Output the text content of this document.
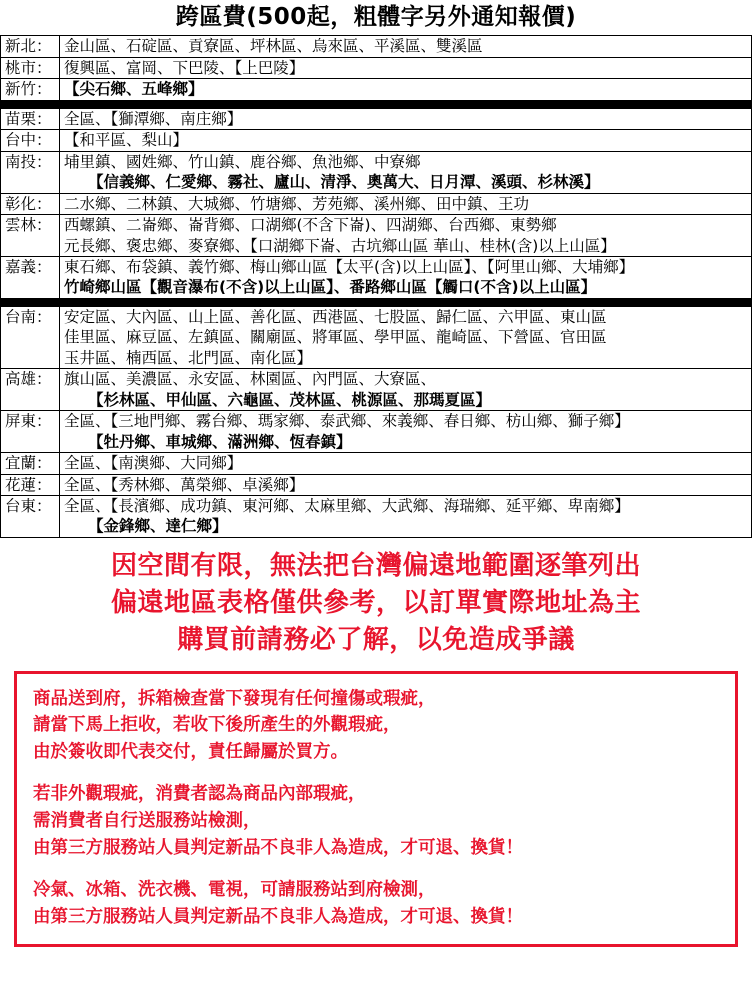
跨區費(500起，粗體字另外通知報價)
新北：	金山區、石碇區、貢寮區、坪林區、烏來區、平溪區、雙溪區

桃市：	復興區、富岡、下巴陵、【上巴陵】

新竹：	【尖石鄉、五峰鄉】

苗栗：	全區、【獅潭鄉、南庄鄉】

台中：	【和平區、梨山】

南投：	埔里鎮、國姓鄉、竹山鎮、鹿谷鄉、魚池鄉、中寮鄉
【信義鄉、仁愛鄉、霧社、廬山、清淨、奧萬大、日月潭、溪頭、杉林溪】

彰化：	二水鄉、二林鎮、大城鄉、竹塘鄉、芳苑鄉、溪州鄉、田中鎮、王功

雲林：	西螺鎮、二崙鄉、崙背鄉、口湖鄉(不含下崙)、四湖鄉、台西鄉、東勢鄉
元長鄉、褒忠鄉、麥寮鄉、【口湖鄉下崙、古坑鄉山區 華山、桂林(含)以上山區】

嘉義：	東石鄉、布袋鎮、義竹鄉、梅山鄉山區【太平(含)以上山區】、【阿里山鄉、大埔鄉】
竹崎鄉山區【觀音瀑布(不含)以上山區】、番路鄉山區【觸口(不含)以上山區】

台南：	安定區、大內區、山上區、善化區、西港區、七股區、歸仁區、六甲區、東山區
佳里區、麻豆區、左鎮區、關廟區、將軍區、學甲區、龍崎區、下營區、官田區
玉井區、楠西區、北門區、南化區】

高雄：	旗山區、美濃區、永安區、林園區、內門區、大寮區、
【杉林區、甲仙區、六龜區、茂林區、桃源區、那瑪夏區】

屏東：	全區、【三地門鄉、霧台鄉、瑪家鄉、泰武鄉、來義鄉、春日鄉、枋山鄉、獅子鄉】
【牡丹鄉、車城鄉、滿洲鄉、恆春鎮】

宜蘭：	全區、【南澳鄉、大同鄉】

花蓮：	全區、【秀林鄉、萬榮鄉、卓溪鄉】

台東：	全區、【長濱鄉、成功鎮、東河鄉、太麻里鄉、大武鄉、海瑞鄉、延平鄉、卑南鄉】
【金鋒鄉、達仁鄉】
因空間有限，無法把台灣偏遠地範圍逐筆列出
偏遠地區表格僅供參考，以訂單實際地址為主
購買前請務必了解，以免造成爭議

商品送到府，拆箱檢查當下發現有任何撞傷或瑕疵，
請當下馬上拒收，若收下後所產生的外觀瑕疵，
由於簽收即代表交付，責任歸屬於買方。

若非外觀瑕疵，消費者認為商品內部瑕疵，
需消費者自行送服務站檢測，
由第三方服務站人員判定新品不良非人為造成，才可退、換貨！

冷氣、冰箱、洗衣機、電視，可請服務站到府檢測，
由第三方服務站人員判定新品不良非人為造成，才可退、換貨！
